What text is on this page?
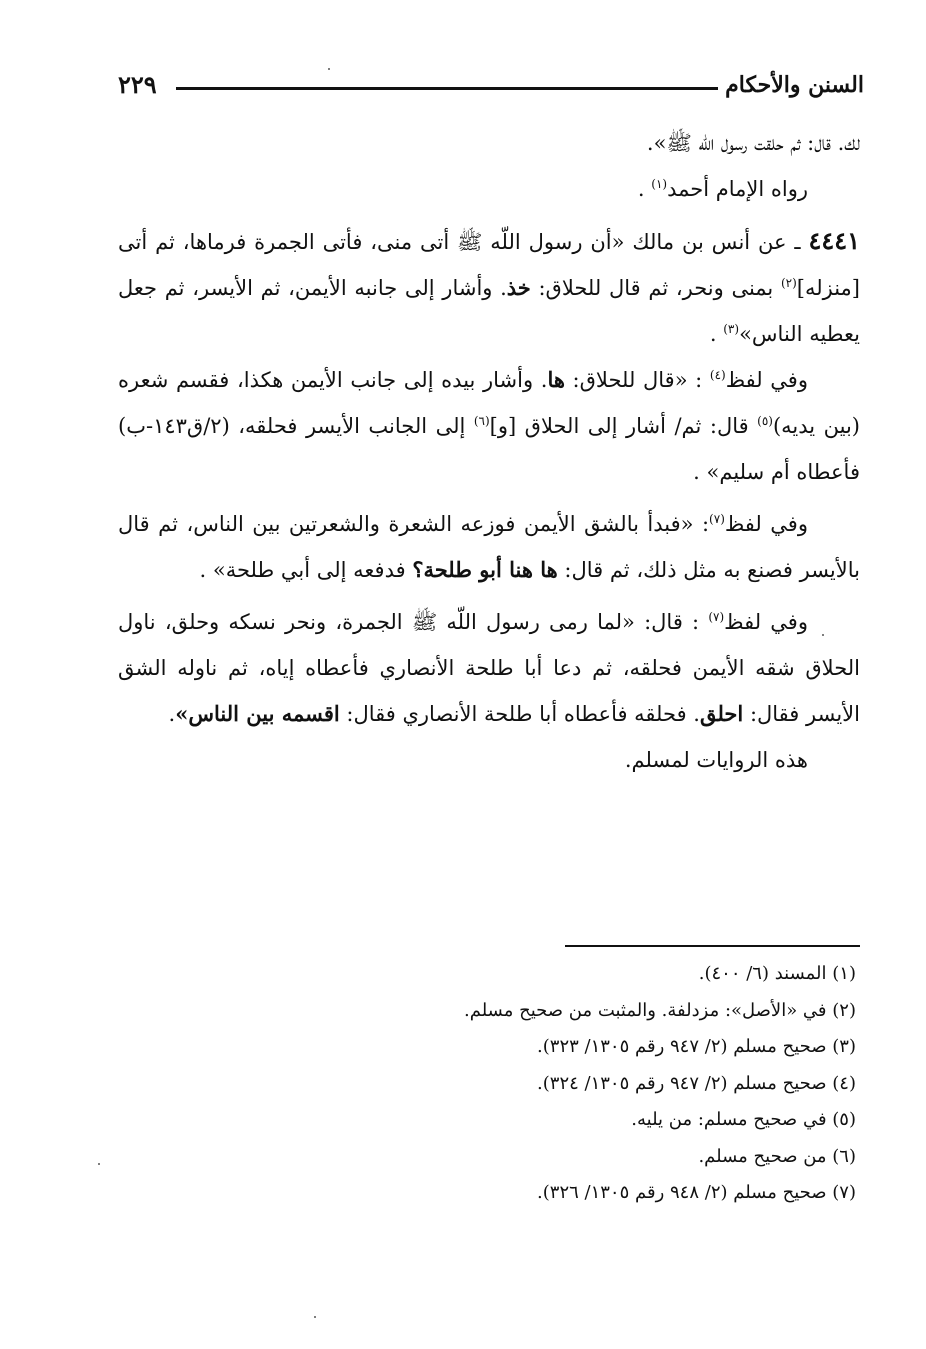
السنن والأحكام
٢٢٩

لك. قال: ثم حلقت رسول اللّه ﷺ».

رواه الإمام أحمد$^{(١)}$ .

٤٤٤١ ـ عن أنس بن مالك «أن رسول اللّه ﷺ أتى منى، فأتى الجمرة فرماها، ثم أتى [منزله]$^{(٢)}$ بمنى ونحر، ثم قال للحلاق: خذ. وأشار إلى جانبه الأيمن، ثم الأيسر، ثم جعل يعطيه الناس»$^{(٣)}$ .

وفي لفظ$^{(٤)}$ : «قال للحلاق: ها. وأشار بيده إلى جانب الأيمن هكذا، فقسم شعره (بين يديه)$^{(٥)}$ قال: ثم/ أشار إلى الحلاق [و]$^{(٦)}$ إلى الجانب الأيسر فحلقه، (٢/ق١٤٣-ب) فأعطاه أم سليم» .

وفي لفظ$^{(٧)}$: «فبدأ بالشق الأيمن فوزعه الشعرة والشعرتين بين الناس، ثم قال بالأيسر فصنع به مثل ذلك، ثم قال: ها هنا أبو طلحة؟ فدفعه إلى أبي طلحة» .

وفي لفظ$^{(٧)}$ : قال: «لما رمى رسول اللّه ﷺ الجمرة، ونحر نسكه وحلق، ناول الحلاق شقه الأيمن فحلقه، ثم دعا أبا طلحة الأنصاري فأعطاه إياه، ثم ناوله الشق الأيسر فقال: احلق. فحلقه فأعطاه أبا طلحة الأنصاري فقال: اقسمه بين الناس».

هذه الروايات لمسلم.

(١) المسند (٦/ ٤٠٠).
(٢) في «الأصل»: مزدلفة. والمثبت من صحيح مسلم.
(٣) صحيح مسلم (٢/ ٩٤٧ رقم ١٣٠٥/ ٣٢٣).
(٤) صحيح مسلم (٢/ ٩٤٧ رقم ١٣٠٥/ ٣٢٤).
(٥) في صحيح مسلم: من يليه.
(٦) من صحيح مسلم.
(٧) صحيح مسلم (٢/ ٩٤٨ رقم ١٣٠٥/ ٣٢٦).
